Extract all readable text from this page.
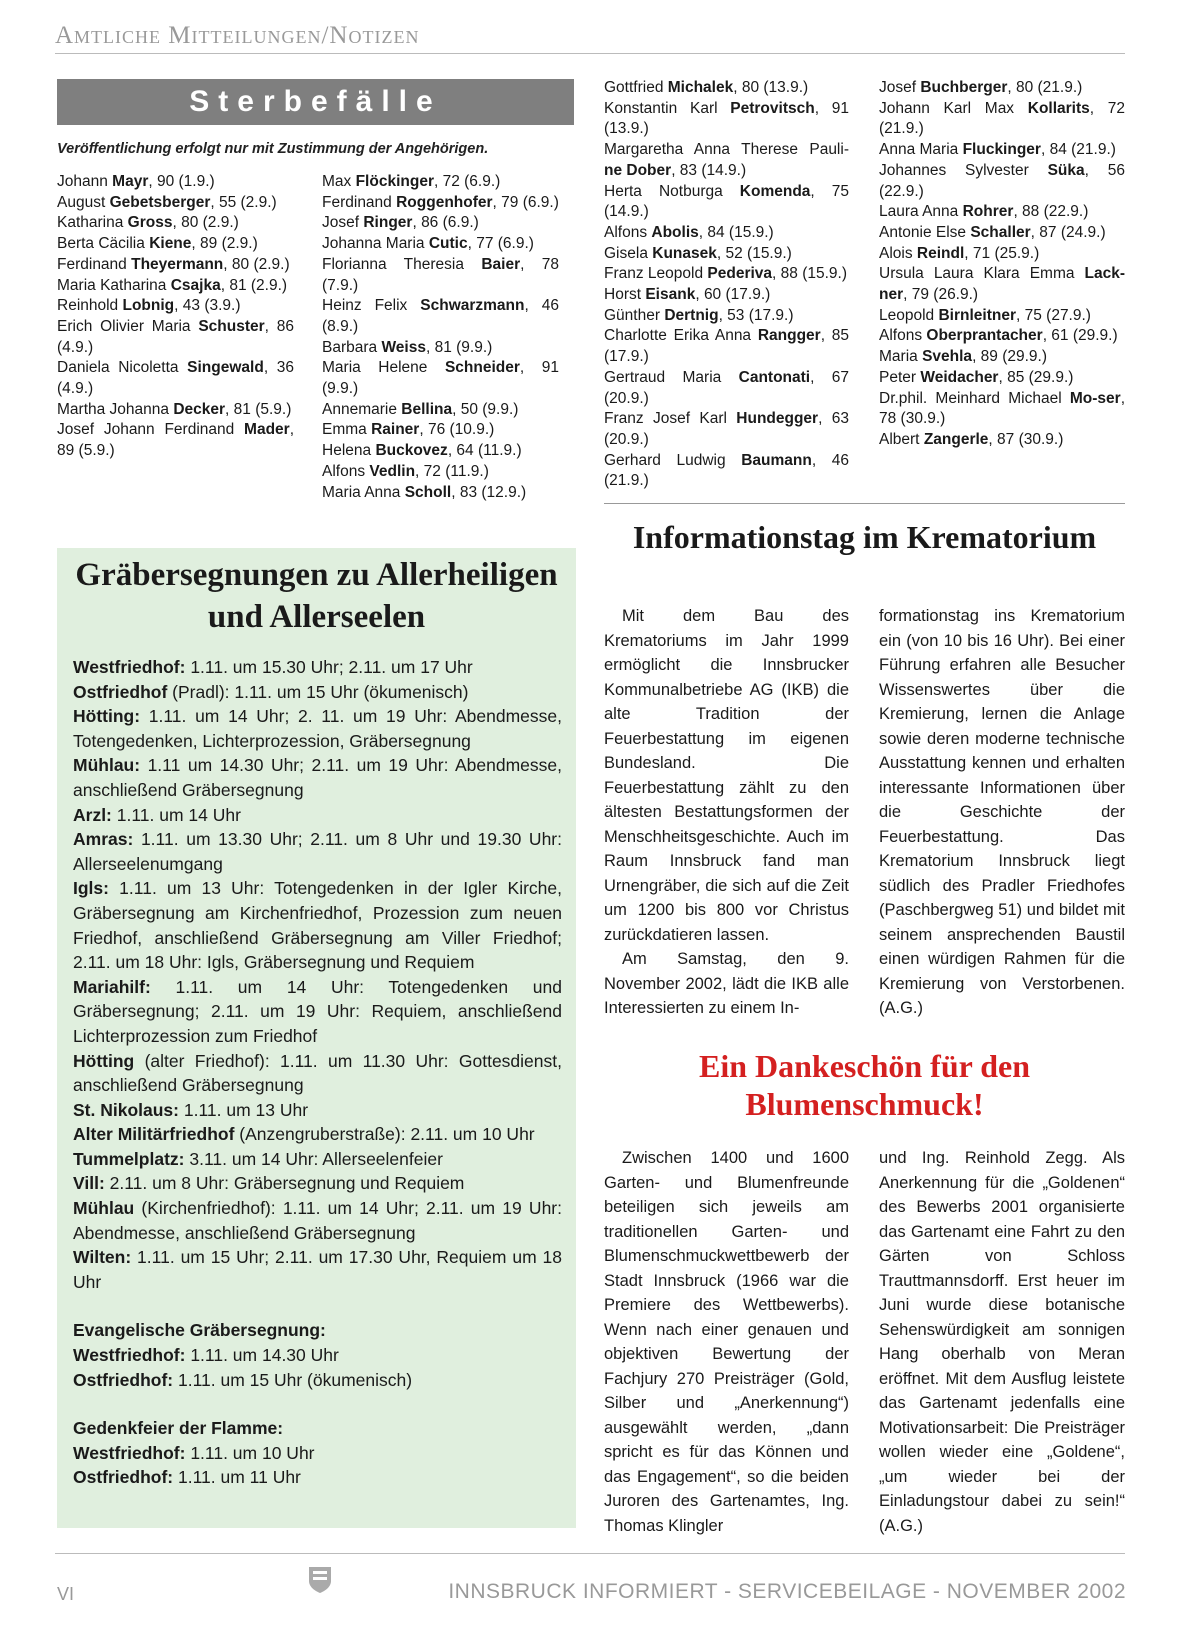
Amtliche Mitteilungen/Notizen
Sterbefälle
Veröffentlichung erfolgt nur mit Zustimmung der Angehörigen.
Johann Mayr, 90 (1.9.)
August Gebetsberger, 55 (2.9.)
Katharina Gross, 80 (2.9.)
Berta Cäcilia Kiene, 89 (2.9.)
Ferdinand Theyermann, 80 (2.9.)
Maria Katharina Csajka, 81 (2.9.)
Reinhold Lobnig, 43 (3.9.)
Erich Olivier Maria Schuster, 86 (4.9.)
Daniela Nicoletta Singewald, 36 (4.9.)
Martha Johanna Decker, 81 (5.9.)
Josef Johann Ferdinand Mader, 89 (5.9.)
Max Flöckinger, 72 (6.9.)
Ferdinand Roggenhofer, 79 (6.9.)
Josef Ringer, 86 (6.9.)
Johanna Maria Cutic, 77 (6.9.)
Florianna Theresia Baier, 78 (7.9.)
Heinz Felix Schwarzmann, 46 (8.9.)
Barbara Weiss, 81 (9.9.)
Maria Helene Schneider, 91 (9.9.)
Annemarie Bellina, 50 (9.9.)
Emma Rainer, 76 (10.9.)
Helena Buckovez, 64 (11.9.)
Alfons Vedlin, 72 (11.9.)
Maria Anna Scholl, 83 (12.9.)
Gottfried Michalek, 80 (13.9.)
Konstantin Karl Petrovitsch, 91 (13.9.)
Margaretha Anna Therese Pauli- ne Dober, 83 (14.9.)
Herta Notburga Komenda, 75 (14.9.)
Alfons Abolis, 84 (15.9.)
Gisela Kunasek, 52 (15.9.)
Franz Leopold Pederiva, 88 (15.9.)
Horst Eisank, 60 (17.9.)
Günther Dertnig, 53 (17.9.)
Charlotte Erika Anna Rangger, 85 (17.9.)
Gertraud Maria Cantonati, 67 (20.9.)
Franz Josef Karl Hundegger, 63 (20.9.)
Gerhard Ludwig Baumann, 46 (21.9.)
Josef Buchberger, 80 (21.9.)
Johann Karl Max Kollarits, 72 (21.9.)
Anna Maria Fluckinger, 84 (21.9.)
Johannes Sylvester Süka, 56 (22.9.)
Laura Anna Rohrer, 88 (22.9.)
Antonie Else Schaller, 87 (24.9.)
Alois Reindl, 71 (25.9.)
Ursula Laura Klara Emma Lack-ner, 79 (26.9.)
Leopold Birnleitner, 75 (27.9.)
Alfons Oberprantacher, 61 (29.9.)
Maria Svehla, 89 (29.9.)
Peter Weidacher, 85 (29.9.)
Dr.phil. Meinhard Michael Mo-ser, 78 (30.9.)
Albert Zangerle, 87 (30.9.)
Gräbersegnungen zu Allerheiligen und Allerseelen
Westfriedhof: 1.11. um 15.30 Uhr; 2.11. um 17 Uhr
Ostfriedhof (Pradl): 1.11. um 15 Uhr (ökumenisch)
Hötting: 1.11. um 14 Uhr; 2. 11. um 19 Uhr: Abendmesse, Totengedenken, Lichterprozession, Gräbersegnung
Mühlau: 1.11 um 14.30 Uhr; 2.11. um 19 Uhr: Abendmesse, anschließend Gräbersegnung
Arzl: 1.11. um 14 Uhr
Amras: 1.11. um 13.30 Uhr; 2.11. um 8 Uhr und 19.30 Uhr: Allerseelenumgang
Igls: 1.11. um 13 Uhr: Totengedenken in der Igler Kirche, Gräbersegnung am Kirchenfriedhof, Prozession zum neuen Friedhof, anschließend Gräbersegnung am Viller Friedhof; 2.11. um 18 Uhr: Igls, Gräbersegnung und Requiem
Mariahilf: 1.11. um 14 Uhr: Totengedenken und Gräbersegnung; 2.11. um 19 Uhr: Requiem, anschließend Lichterprozession zum Friedhof
Hötting (alter Friedhof): 1.11. um 11.30 Uhr: Gottesdienst, anschließend Gräbersegnung
St. Nikolaus: 1.11. um 13 Uhr
Alter Militärfriedhof (Anzengruberstraße): 2.11. um 10 Uhr
Tummelplatz: 3.11. um 14 Uhr: Allerseelenfeier
Vill: 2.11. um 8 Uhr: Gräbersegnung und Requiem
Mühlau (Kirchenfriedhof): 1.11. um 14 Uhr; 2.11. um 19 Uhr: Abendmesse, anschließend Gräbersegnung
Wilten: 1.11. um 15 Uhr; 2.11. um 17.30 Uhr, Requiem um 18 Uhr
Evangelische Gräbersegnung:
Westfriedhof: 1.11. um 14.30 Uhr
Ostfriedhof: 1.11. um 15 Uhr (ökumenisch)
Gedenkfeier der Flamme:
Westfriedhof: 1.11. um 10 Uhr
Ostfriedhof: 1.11. um 11 Uhr
Informationstag im Krematorium

Mit dem Bau des Krematoriums im Jahr 1999 ermöglicht die Innsbrucker Kommunalbetriebe AG (IKB) die alte Tradition der Feuerbestattung im eigenen Bundesland. Die Feuerbestattung zählt zu den ältesten Bestattungsformen der Menschheitsgeschichte. Auch im Raum Innsbruck fand man Urnengräber, die sich auf die Zeit um 1200 bis 800 vor Christus zurückdatieren lassen.

Am Samstag, den 9. November 2002, lädt die IKB alle Interessierten zu einem In-

formationstag ins Krematorium ein (von 10 bis 16 Uhr). Bei einer Führung erfahren alle Besucher Wissenswertes über die Kremierung, lernen die Anlage sowie deren moderne technische Ausstattung kennen und erhalten interessante Informationen über die Geschichte der Feuerbestattung. Das Krematorium Innsbruck liegt südlich des Pradler Friedhofes (Paschbergweg 51) und bildet mit seinem ansprechenden Baustil einen würdigen Rahmen für die Kremierung von Verstorbenen. (A.G.)
Ein Dankeschön für den Blumenschmuck!
Zwischen 1400 und 1600 Garten- und Blumenfreunde beteiligen sich jeweils am traditionellen Garten- und Blumenschmuckwettbewerb der Stadt Innsbruck (1966 war die Premiere des Wettbewerbs). Wenn nach einer genauen und objektiven Bewertung der Fachjury 270 Preisträger (Gold, Silber und „Anerkennung“) ausgewählt werden, „dann spricht es für das Können und das Engagement“, so die beiden Juroren des Gartenamtes, Ing. Thomas Klingler
und Ing. Reinhold Zegg. Als Anerkennung für die „Goldenen“ des Bewerbs 2001 organisierte das Gartenamt eine Fahrt zu den Gärten von Schloss Trauttmannsdorff. Erst heuer im Juni wurde diese botanische Sehenswürdigkeit am sonnigen Hang oberhalb von Meran eröffnet. Mit dem Ausflug leistete das Gartenamt jedenfalls eine Motivationsarbeit: Die Preisträger wollen wieder eine „Goldene“, „um wieder bei der Einladungstour dabei zu sein!“ (A.G.)
VI	INNSBRUCK INFORMIERT - SERVICEBEILAGE - NOVEMBER 2002
